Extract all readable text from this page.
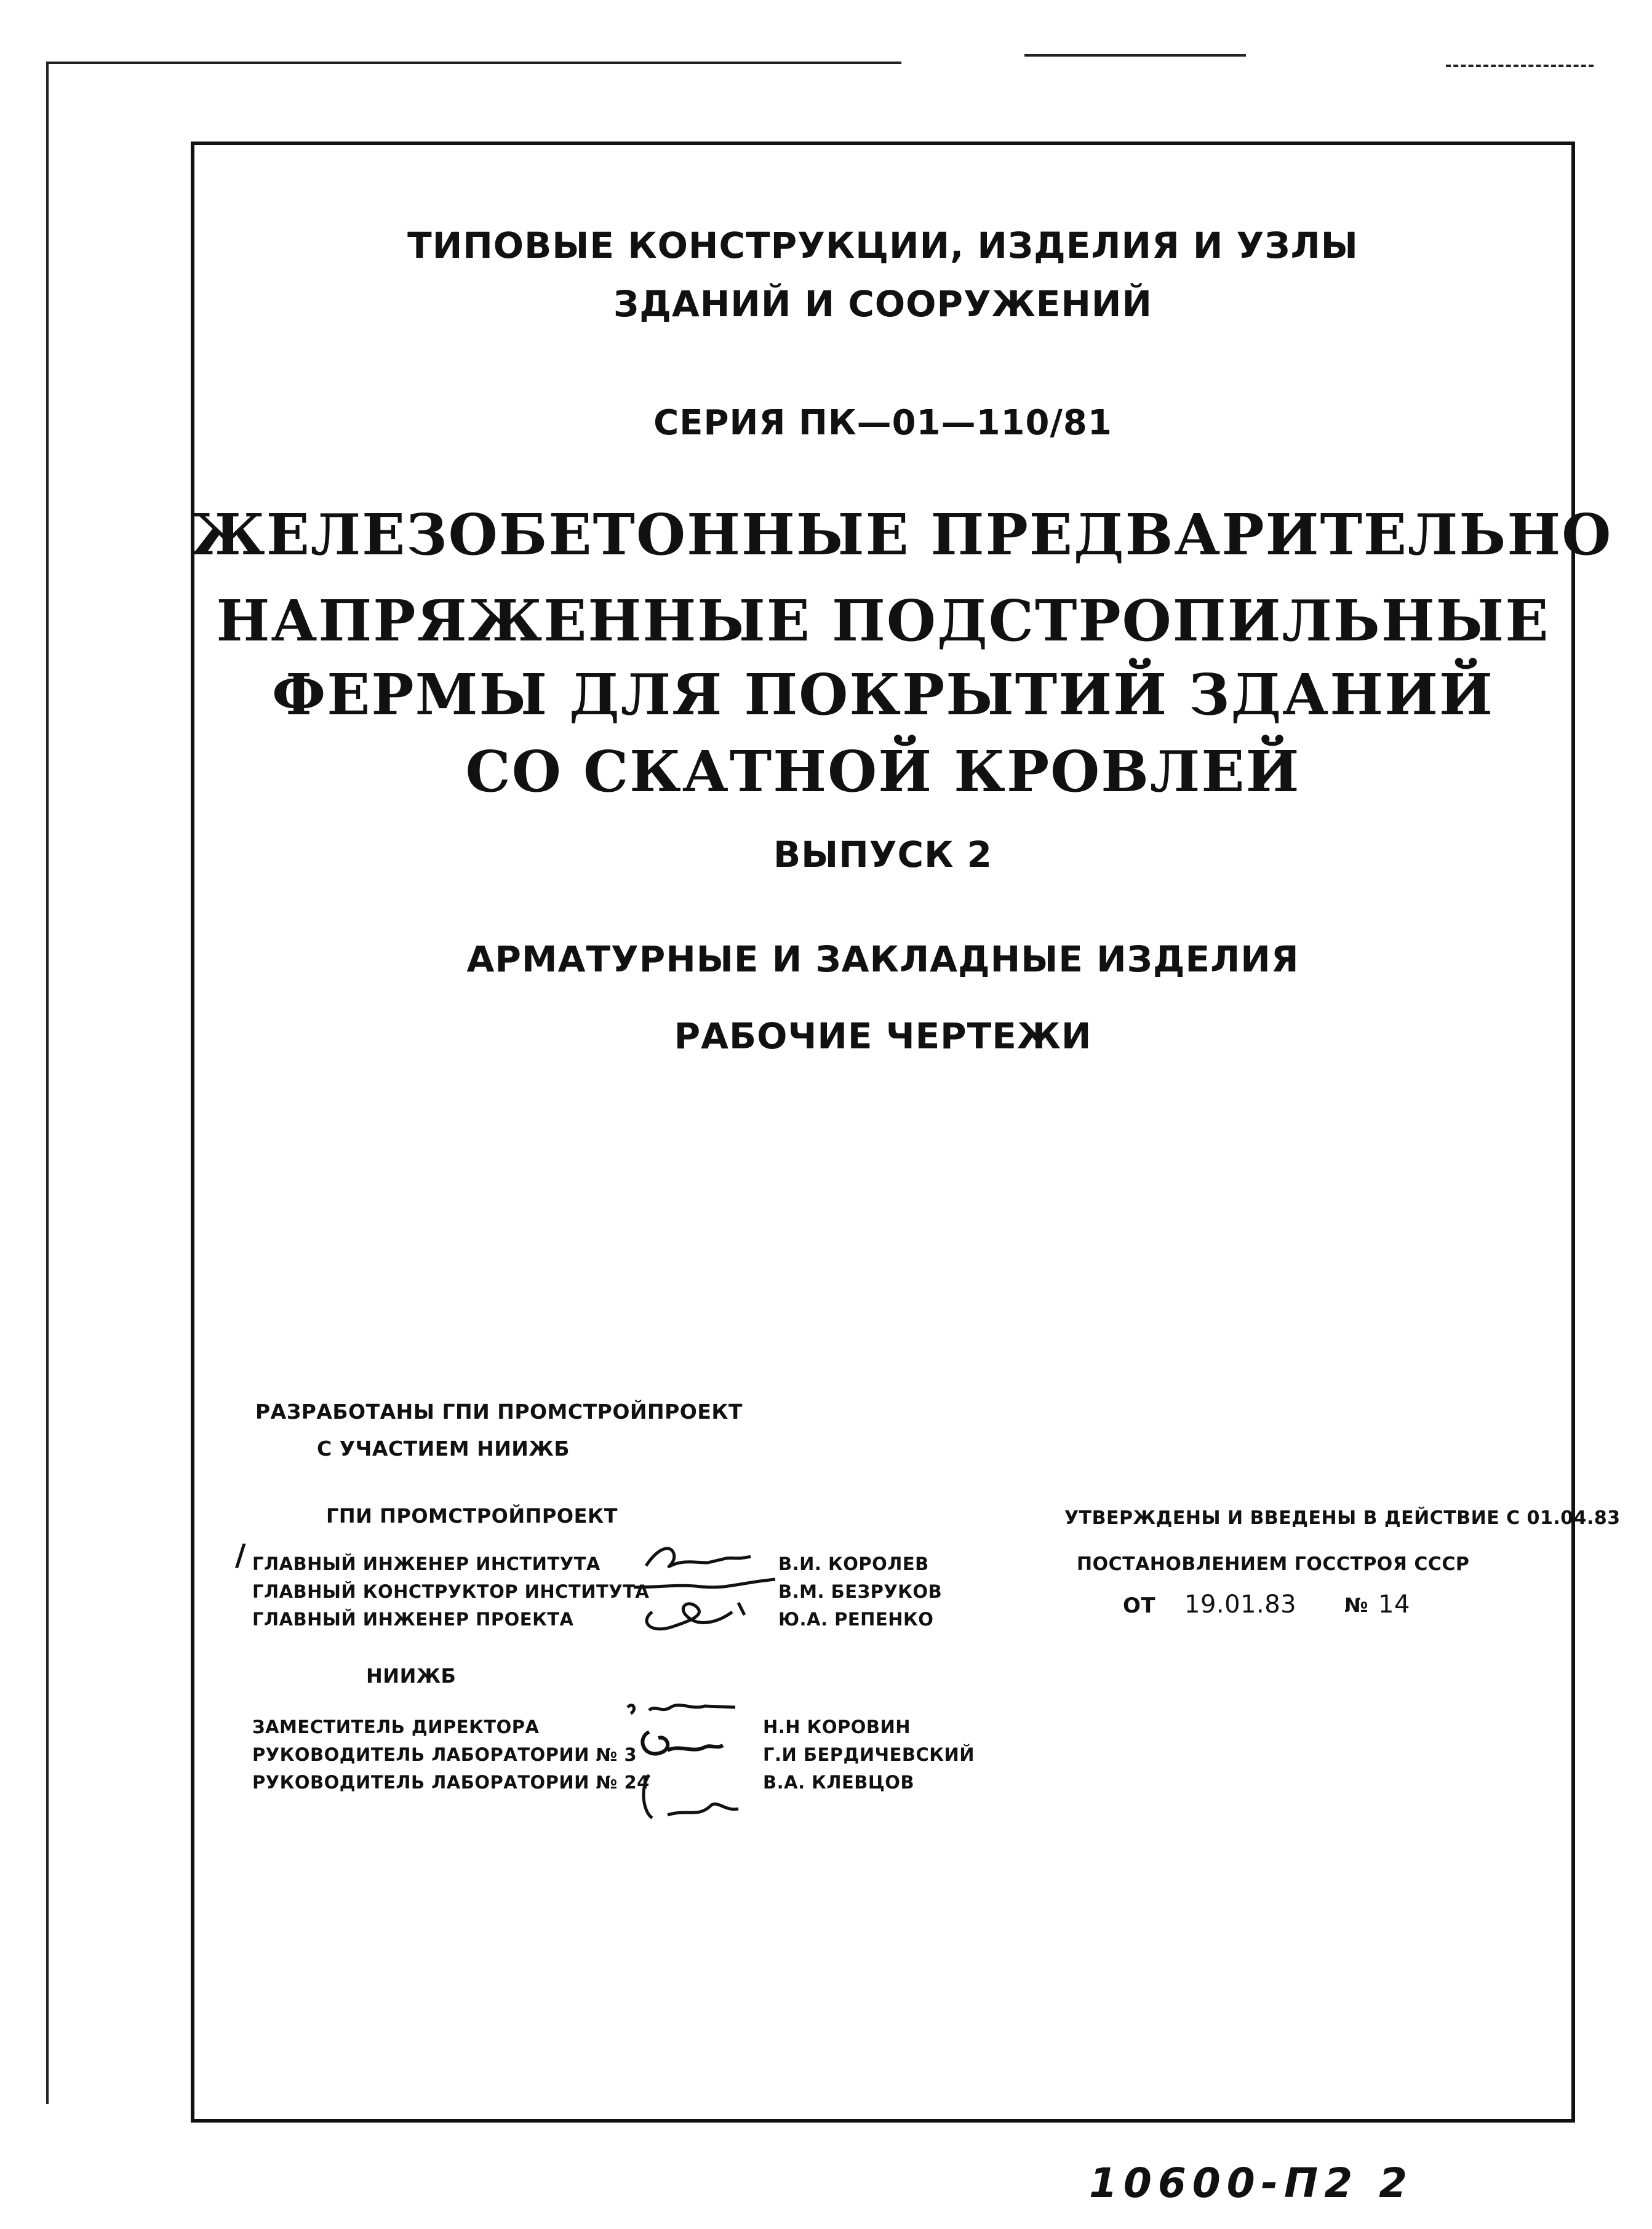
ТИПОВЫЕ КОНСТРУКЦИИ, ИЗДЕЛИЯ И УЗЛЫ
ЗДАНИЙ И СООРУЖЕНИЙ
СЕРИЯ ПК—01—110/81
ЖЕЛЕЗОБЕТОННЫЕ ПРЕДВАРИТЕЛЬНО
НАПРЯЖЕННЫЕ ПОДСТРОПИЛЬНЫЕ
ФЕРМЫ ДЛЯ ПОКРЫТИЙ ЗДАНИЙ
СО СКАТНОЙ КРОВЛЕЙ
ВЫПУСК 2
АРМАТУРНЫЕ И ЗАКЛАДНЫЕ ИЗДЕЛИЯ
РАБОЧИЕ ЧЕРТЕЖИ
РАЗРАБОТАНЫ ГПИ ПРОМСТРОЙПРОЕКТ
С УЧАСТИЕМ НИИЖБ
ГПИ ПРОМСТРОЙПРОЕКТ
/ ГЛАВНЫЙ ИНЖЕНЕР ИНСТИТУТА	В.И. КОРОЛЕВ
ГЛАВНЫЙ КОНСТРУКТОР ИНСТИТУТА	В.М. БЕЗРУКОВ
ГЛАВНЫЙ ИНЖЕНЕР ПРОЕКТА	Ю.А. РЕПЕНКО
НИИЖБ
ЗАМЕСТИТЕЛЬ ДИРЕКТОРА	Н.Н КОРОВИН
РУКОВОДИТЕЛЬ ЛАБОРАТОРИИ № 3	Г.И БЕРДИЧЕВСКИЙ
РУКОВОДИТЕЛЬ ЛАБОРАТОРИИ № 24	В.А. КЛЕВЦОВ
УТВЕРЖДЕНЫ И ВВЕДЕНЫ В ДЕЙСТВИЕ С 01.04.83
ПОСТАНОВЛЕНИЕМ ГОССТРОЯ СССР
ОТ 19.01.83 № 14
10600-П2 2
